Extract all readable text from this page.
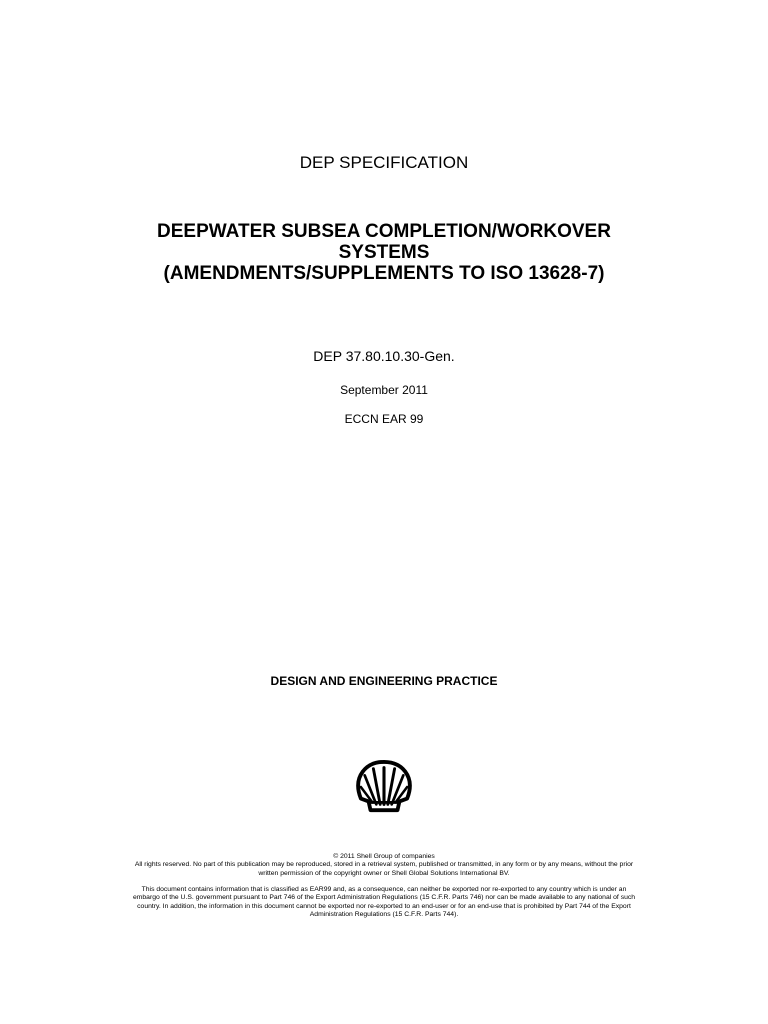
DEP SPECIFICATION
DEEPWATER SUBSEA COMPLETION/WORKOVER
SYSTEMS
(AMENDMENTS/SUPPLEMENTS TO ISO 13628-7)
DEP 37.80.10.30-Gen.
September 2011
ECCN EAR 99
DESIGN AND ENGINEERING PRACTICE
© 2011 Shell Group of companies
All rights reserved. No part of this publication may be reproduced, stored in a retrieval system, published or transmitted, in any form or by any means, without the prior
written permission of the copyright owner or Shell Global Solutions International BV.
This document contains information that is classified as EAR99 and, as a consequence, can neither be exported nor re-exported to any country which is under an
embargo of the U.S. government pursuant to Part 746 of the Export Administration Regulations (15 C.F.R. Parts 746) nor can be made available to any national of such
country. In addition, the information in this document cannot be exported nor re-exported to an end-user or for an end-use that is prohibited by Part 744 of the Export
Administration Regulations (15 C.F.R. Parts 744).
